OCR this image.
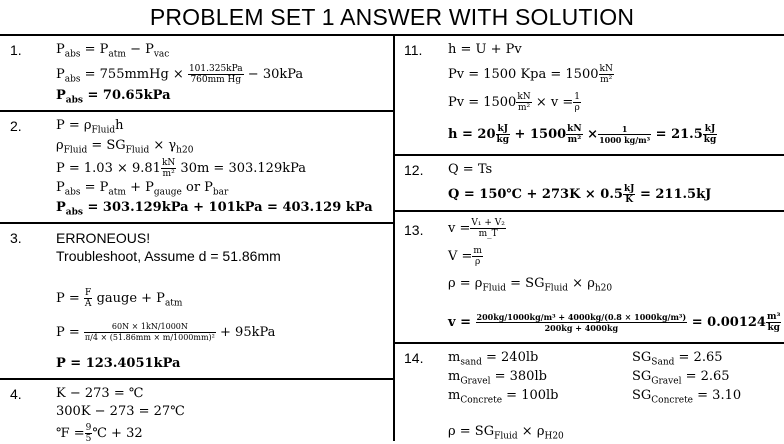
PROBLEM SET 1 ANSWER WITH SOLUTION
1.	$P_{abs} = P_{atm} - P_{vac}$
$P_{abs}$ = 755mmHg × $\frac{\text{101.325kPa}}{\text{760mm Hg}} - 30kPa$
$P_{abs} = 70.65kPa$
2.	$P = \rho_{Fluid}h$
$\rho_{Fluid} = SG_{Fluid} \times \gamma_{h20}$
$P = 1.03 \times 9.81 \frac{kN}{\text{m²}} 30m = 303.129kPa$
$P_{abs} = P_{atm} + P_{gauge}$ or $P_{bar}$
$P_{abs} = 303.129kPa + 101kPa = 403.129$ kPa
3. ERRONEOUS!
Troubleshoot, Assume d = 51.86mm
$P = \frac{F}{A}$ gauge + $P_{atm}$
$P = \frac{60N \times 1kN/1000N}{\text{π/4 × (51.86mm × m/1000mm)²}} + 95kPa$
P = 123.4051kPa
4.	K − 273 = ℃
300K − 273 = 27℃
℉ = $\frac{9}{5}$ ℃ + 32
11. h = U + Pv
Pv = 1500 Kpa = $1500 \frac{kN}{\text{m²}}$
$Pv = 1500 \frac{kN}{\text{m²}} \times v = \frac{1}{\rho}$
$h = 20 \frac{kJ}{kg} + 1500 \frac{kN}{\text{m²}} \times \frac{1}{\text{1000 kg/m³}} = 21.5 \frac{kJ}{kg}$
12. Q = Ts
Q = 150℃ + $273K \times 0.5 \frac{kJ}{K} = 211.5kJ$
13. $v = \frac{\text{V₁ + V₂}}{m\_T}$
$V = \frac{m}{\rho}$
$\rho = \rho_{Fluid} = SG_{Fluid} \times \rho_{h20}$
$v = \frac{\text{200kg/1000kg/m³ + 4000kg/(0.8 × 1000kg/m³)}}{200kg + 4000kg} = 0.00124 \frac{\text{m³}}{kg}$
14. $m_{sand} = 240lb$	$SG_{Sand} = 2.65$
$m_{Gravel} = 380lb$	$SG_{Gravel} = 2.65$
$m_{Concrete} = 100lb$	$SG_{Concrete} = 3.10$
$\rho = SG_{Fluid} \times \rho_{H20}$
